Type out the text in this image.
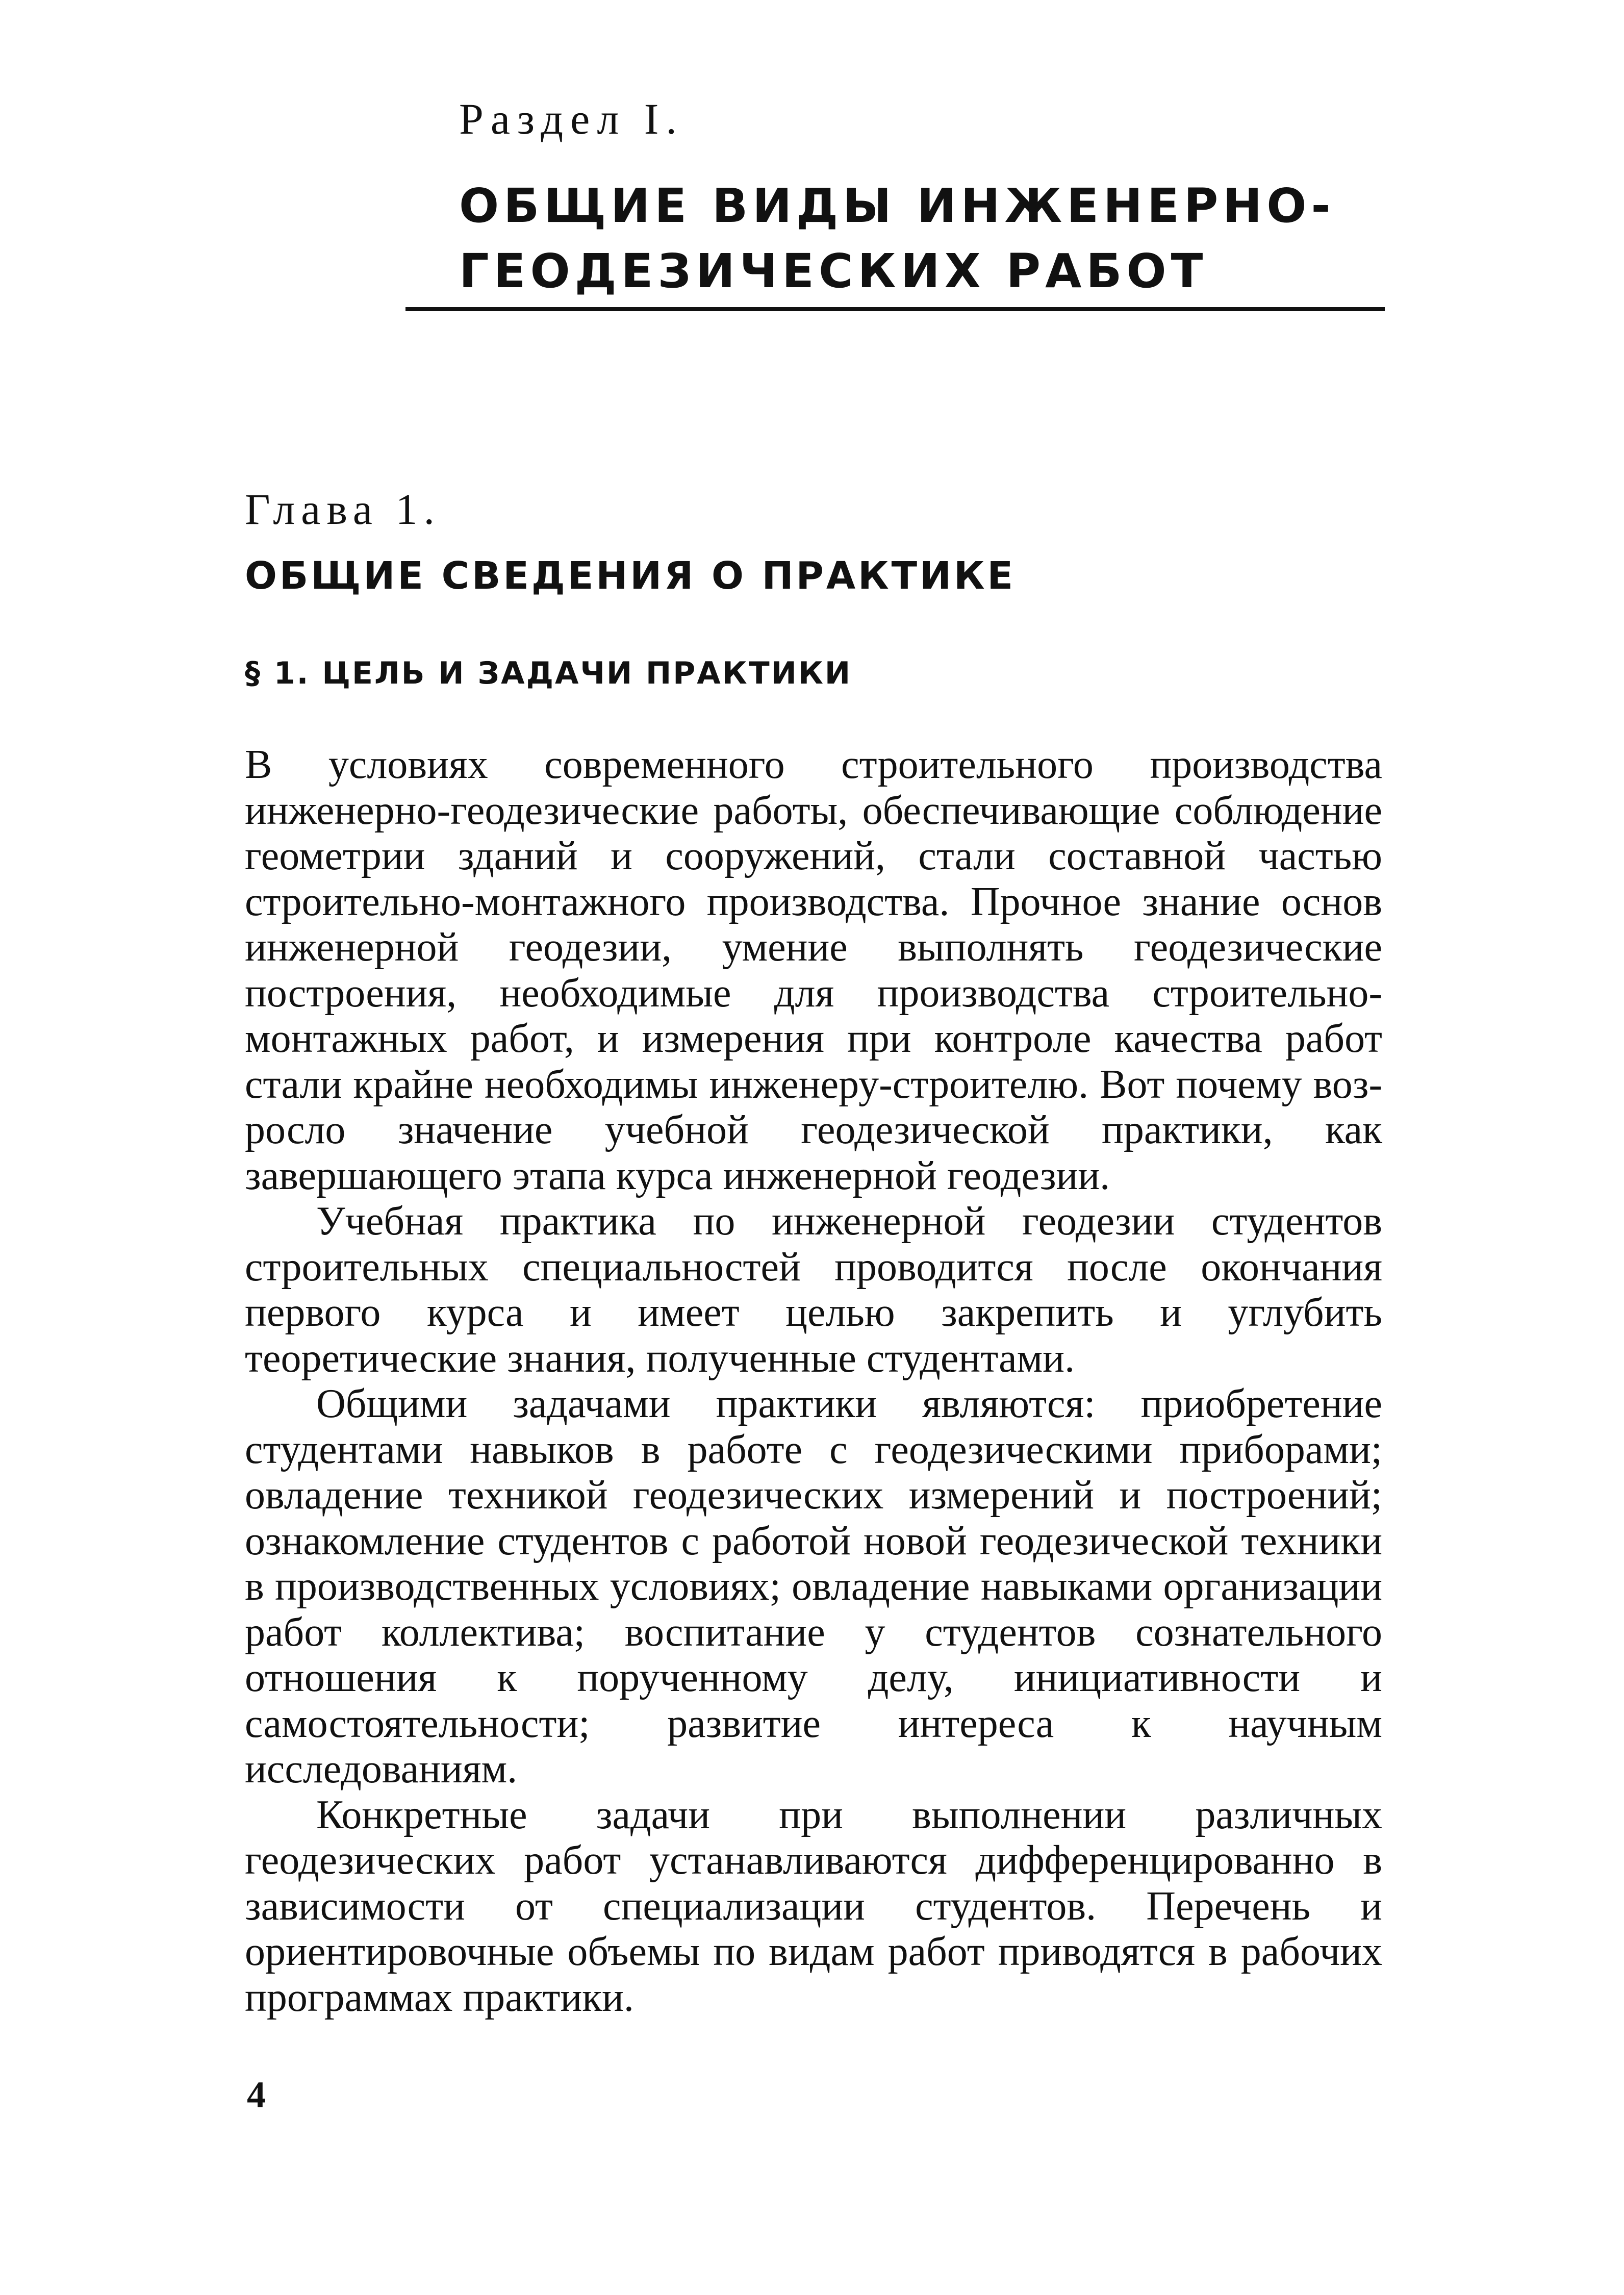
Раздел I.
ОБЩИЕ ВИДЫ ИНЖЕНЕРНО-
ГЕОДЕЗИЧЕСКИХ РАБОТ
Глава 1.
ОБЩИЕ СВЕДЕНИЯ О ПРАКТИКЕ
§ 1. ЦЕЛЬ И ЗАДАЧИ ПРАКТИКИ

В условиях современного строительного производства инженерно-геодезические работы, обеспечивающие соблюдение геометрии зданий и сооружений, стали составной частью строительно-монтажного производства. Прочное знание основ инженерной геодезии, умение выполнять геодезические построения, необходимые для производства строительно-монтажных работ, и измерения при контроле качества работ стали крайне необходимы инженеру-строителю. Вот почему возросло значение учебной геодезической практики, как завершающего этапа курса инженерной геодезии.

Учебная практика по инженерной геодезии студентов строительных специальностей проводится после окончания первого курса и имеет целью закрепить и углубить теоретические знания, полученные студентами.

Общими задачами практики являются: приобретение студентами навыков в работе с геодезическими приборами; овладение техникой геодезических измерений и построений; ознакомление студентов с работой новой геодезической техники в производственных условиях; овладение навыками организации работ коллектива; воспитание у студентов сознательного отношения к порученному делу, инициативности и самостоятельности; развитие интереса к научным исследованиям.

Конкретные задачи при выполнении различных геодезических работ устанавливаются дифференцированно в зависимости от специализации студентов. Перечень и ориентировочные объемы по видам работ приводятся в рабочих программах практики.

4
